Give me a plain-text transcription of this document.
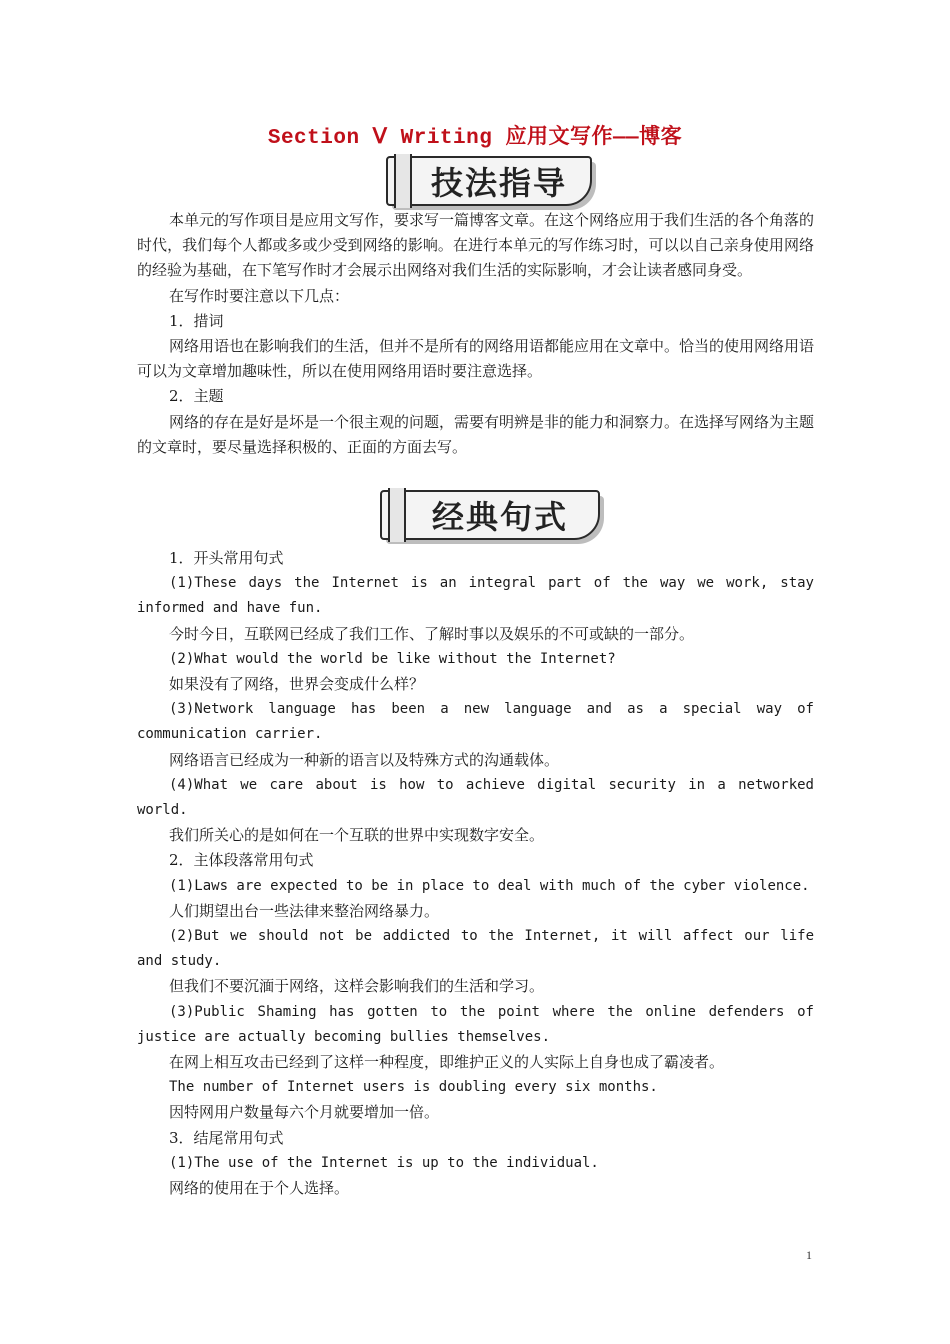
Section Ⅴ Writing 应用文写作——博客
技法指导
经典句式

本单元的写作项目是应用文写作，要求写一篇博客文章。在这个网络应用于我们生活的各个角落的时代，我们每个人都或多或少受到网络的影响。在进行本单元的写作练习时，可以以自己亲身使用网络的经验为基础，在下笔写作时才会展示出网络对我们生活的实际影响，才会让读者感同身受。

在写作时要注意以下几点：

1．措词

网络用语也在影响我们的生活，但并不是所有的网络用语都能应用在文章中。恰当的使用网络用语可以为文章增加趣味性，所以在使用网络用语时要注意选择。

2．主题

网络的存在是好是坏是一个很主观的问题，需要有明辨是非的能力和洞察力。在选择写网络为主题的文章时，要尽量选择积极的、正面的方面去写。

1．开头常用句式

(1)These days the Internet is an integral part of the way we work, stay informed and have fun.

今时今日，互联网已经成了我们工作、了解时事以及娱乐的不可或缺的一部分。

(2)What would the world be like without the Internet?

如果没有了网络，世界会变成什么样？

(3)Network language has been a new language and as a special way of communication carrier.

网络语言已经成为一种新的语言以及特殊方式的沟通载体。

(4)What we care about is how to achieve digital security in a networked world.

我们所关心的是如何在一个互联的世界中实现数字安全。

2．主体段落常用句式

(1)Laws are expected to be in place to deal with much of the cyber violence.

人们期望出台一些法律来整治网络暴力。

(2)But we should not be addicted to the Internet, it will affect our life and study.

但我们不要沉湎于网络，这样会影响我们的生活和学习。

(3)Public Shaming has gotten to the point where the online defenders of justice are actually becoming bullies themselves.

在网上相互攻击已经到了这样一种程度，即维护正义的人实际上自身也成了霸凌者。

The number of Internet users is doubling every six months.

因特网用户数量每六个月就要增加一倍。

3．结尾常用句式

(1)The use of the Internet is up to the individual.

网络的使用在于个人选择。

1
